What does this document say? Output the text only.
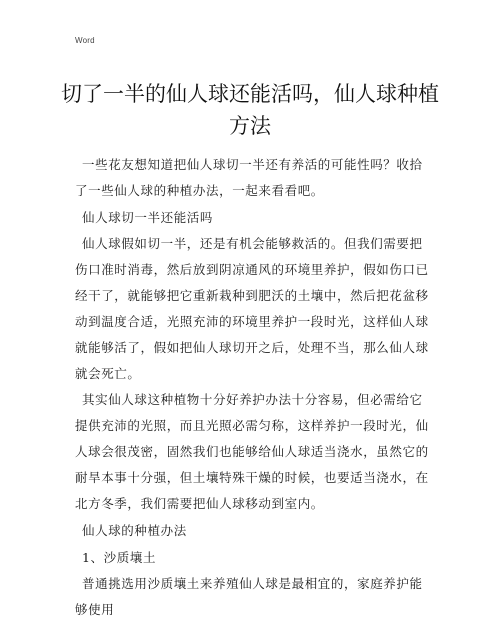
Word
切了一半的仙人球还能活吗，仙人球种植方法

一些花友想知道把仙人球切一半还有养活的可能性吗？收拾了一些仙人球的种植办法，一起来看看吧。

仙人球切一半还能活吗

仙人球假如切一半，还是有机会能够救活的。但我们需要把伤口准时消毒，然后放到阴凉通风的环境里养护，假如伤口已经干了，就能够把它重新栽种到肥沃的土壤中，然后把花盆移动到温度合适，光照充沛的环境里养护一段时光，这样仙人球就能够活了，假如把仙人球切开之后，处理不当，那么仙人球就会死亡。

其实仙人球这种植物十分好养护办法十分容易，但必需给它提供充沛的光照，而且光照必需匀称，这样养护一段时光，仙人球会很茂密，固然我们也能够给仙人球适当浇水，虽然它的耐旱本事十分强，但土壤特殊干燥的时候，也要适当浇水，在北方冬季，我们需要把仙人球移动到室内。

仙人球的种植办法

1、沙质壤土

普通挑选用沙质壤土来养殖仙人球是最相宜的，家庭养护能够使用
